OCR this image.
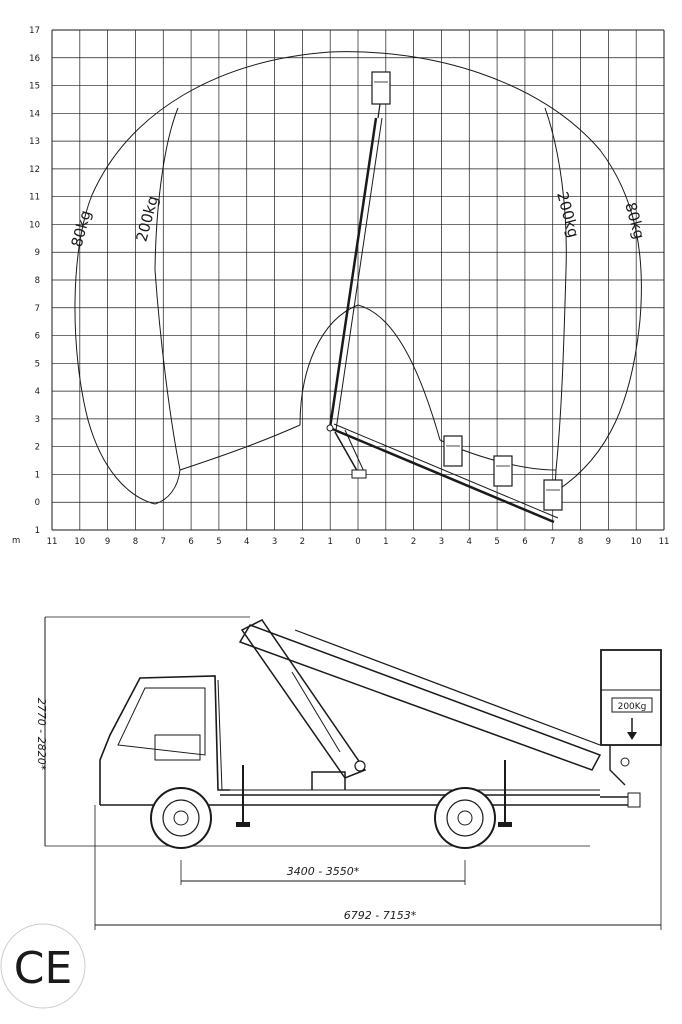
17
16
15
14
13
12
11
10
9
8
7
6
5
4
3
2
1
0
1
11 10 9	8	7	6	5	4	3	2	1	0	1	2	3	4	5	6	7	8	9 10 11
m
80kg	200kg	200kg	80kg
2770 - 2820*	200Kg
3400 - 3550*
6792 - 7153*
CE
